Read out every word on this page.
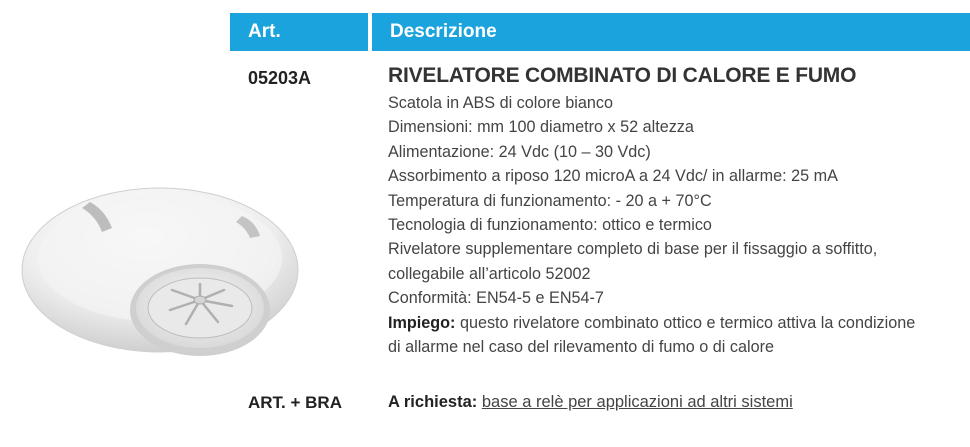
Art.	Descrizione
05203A	RIVELATORE COMBINATO DI CALORE E FUMO
Scatola in ABS di colore bianco
Dimensioni: mm 100 diametro x 52 altezza
Alimentazione: 24 Vdc (10 – 30 Vdc)
Assorbimento a riposo 120 microA a 24 Vdc/ in allarme: 25 mA
Temperatura di funzionamento: - 20 a + 70°C
Tecnologia di funzionamento: ottico e termico
Rivelatore supplementare completo di base per il fissaggio a soffitto,
collegabile all’articolo 52002
Conformità: EN54-5 e EN54-7
Impiego: questo rivelatore combinato ottico e termico attiva la condizione
di allarme nel caso del rilevamento di fumo o di calore
ART. + BRA	A richiesta: base a relè per applicazioni ad altri sistemi
